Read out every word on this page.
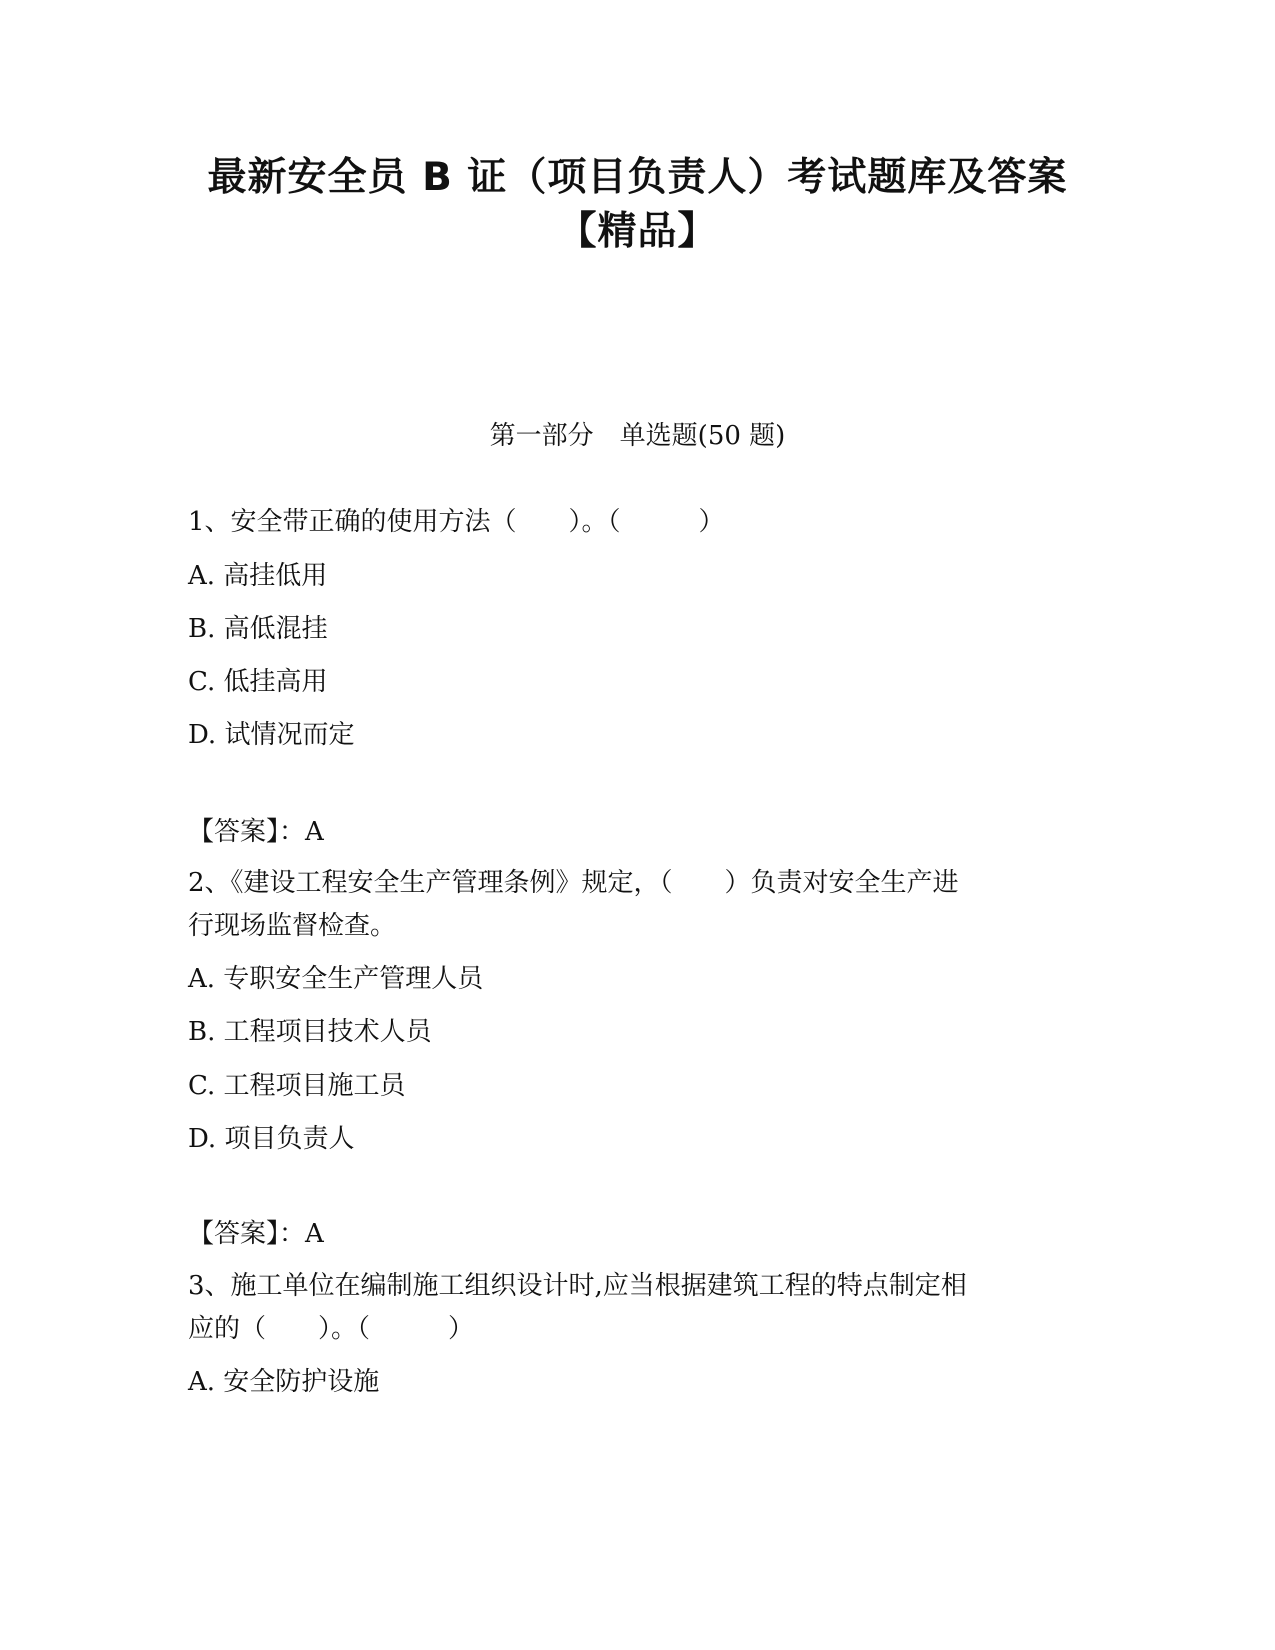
最新安全员 B 证（项目负责人）考试题库及答案
【精品】
第一部分　单选题(50 题)
1、安全带正确的使用方法（　　）。（　　　）
A. 高挂低用
B. 高低混挂
C. 低挂高用
D. 试情况而定
【答案】：A
2、《建设工程安全生产管理条例》规定，（　　）负责对安全生产进
行现场监督检查。
A. 专职安全生产管理人员
B. 工程项目技术人员
C. 工程项目施工员
D. 项目负责人
【答案】：A
3、施工单位在编制施工组织设计时,应当根据建筑工程的特点制定相
应的（　　）。（　　　）
A. 安全防护设施
